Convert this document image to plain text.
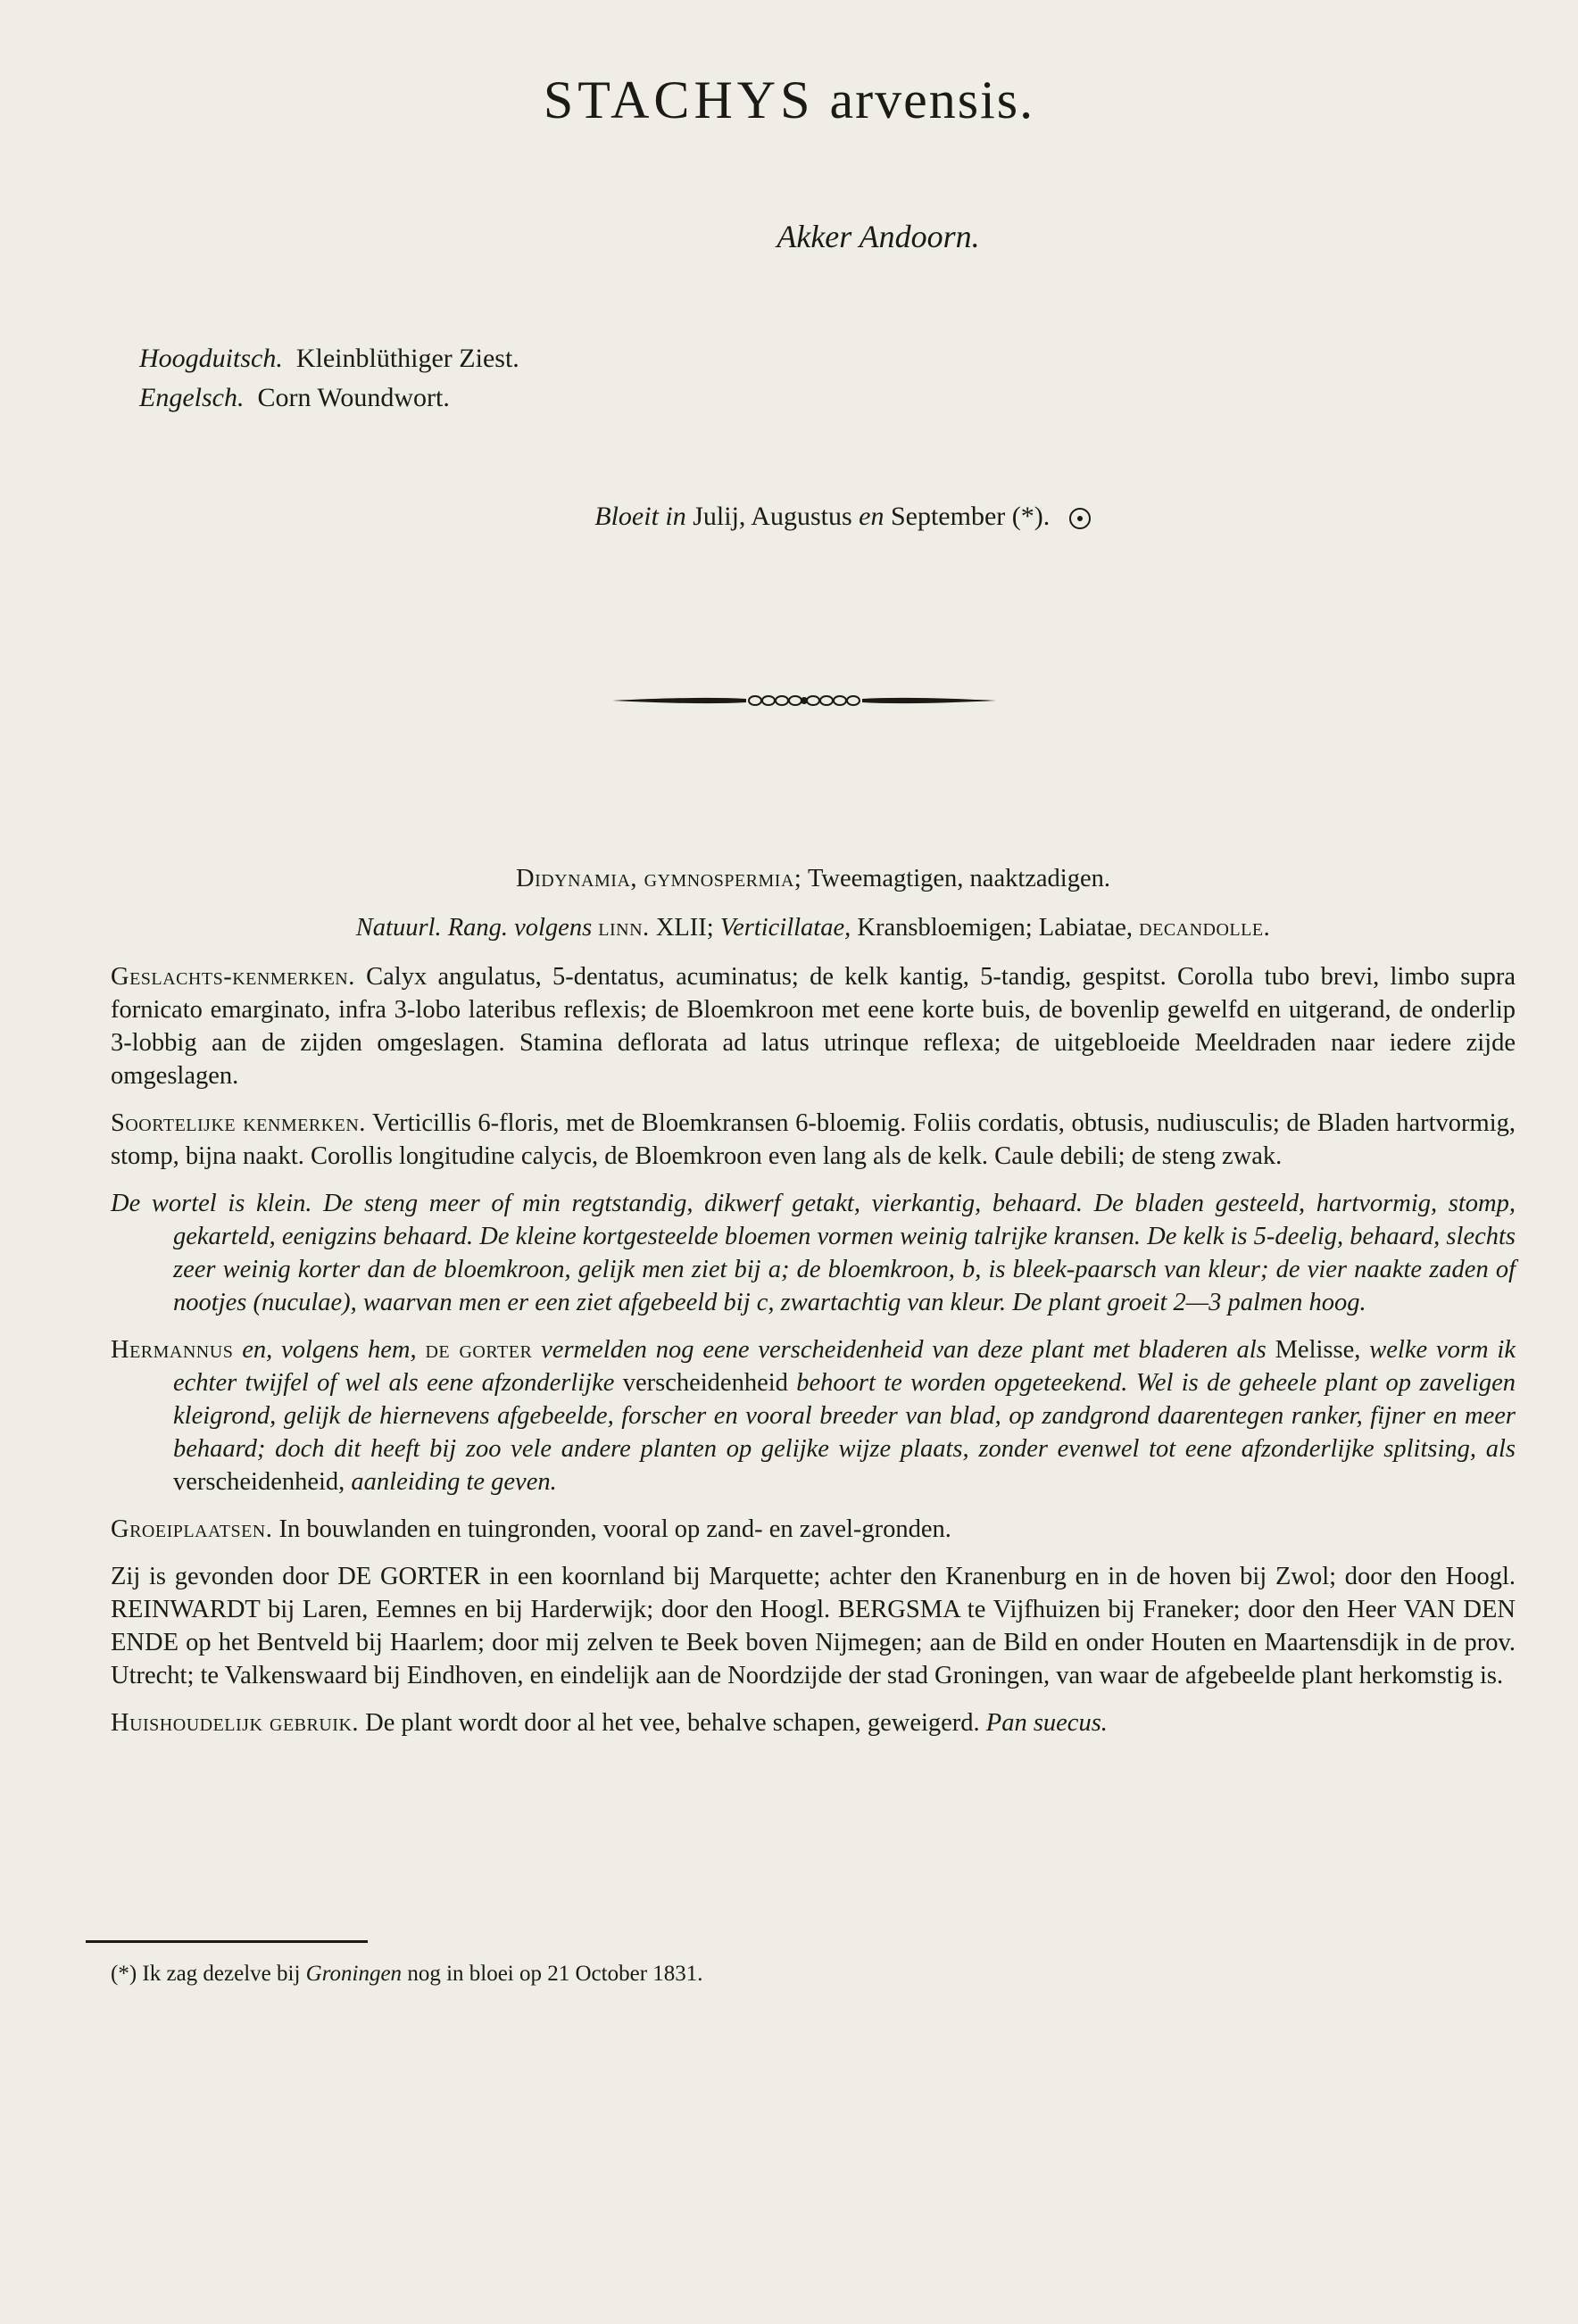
STACHYS arvensis.
Akker Andoorn.
Hoogduitsch. Kleinblüthiger Ziest.
Engelsch. Corn Woundwort.
Bloeit in Julij, Augustus en September (*).
Didynamia, gymnospermia; Tweemagtigen, naaktzadigen.
Natuurl. Rang. volgens linn. XLII; Verticillatae, Kransbloemigen; Labiatae, decandolle.

Geslachts-kenmerken. Calyx angulatus, 5-dentatus, acuminatus; de kelk kantig, 5-tandig, gespitst. Corolla tubo brevi, limbo supra fornicato emarginato, infra 3-lobo lateribus reflexis; de Bloemkroon met eene korte buis, de bovenlip gewelfd en uitgerand, de onderlip 3-lobbig aan de zijden omgeslagen. Stamina deflorata ad latus utrinque reflexa; de uitgebloeide Meeldraden naar iedere zijde omgeslagen.

Soortelijke kenmerken. Verticillis 6-floris, met de Bloemkransen 6-bloemig. Foliis cordatis, obtusis, nudiusculis; de Bladen hartvormig, stomp, bijna naakt. Corollis longitudine calycis, de Bloemkroon even lang als de kelk. Caule debili; de steng zwak.

De wortel is klein. De steng meer of min regtstandig, dikwerf getakt, vierkantig, behaard. De bladen gesteeld, hartvormig, stomp, gekarteld, eenigzins behaard. De kleine kortgesteelde bloemen vormen weinig talrijke kransen. De kelk is 5-deelig, behaard, slechts zeer weinig korter dan de bloemkroon, gelijk men ziet bij a; de bloemkroon, b, is bleek-paarsch van kleur; de vier naakte zaden of nootjes (nuculae), waarvan men er een ziet afgebeeld bij c, zwartachtig van kleur. De plant groeit 2—3 palmen hoog.

Hermannus en, volgens hem, de gorter vermelden nog eene verscheidenheid van deze plant met bladeren als Melisse, welke vorm ik echter twijfel of wel als eene afzonderlijke verscheidenheid behoort te worden opgeteekend. Wel is de geheele plant op zaveligen kleigrond, gelijk de hiernevens afgebeelde, forscher en vooral breeder van blad, op zandgrond daarentegen ranker, fijner en meer behaard; doch dit heeft bij zoo vele andere planten op gelijke wijze plaats, zonder evenwel tot eene afzonderlijke splitsing, als verscheidenheid, aanleiding te geven.

Groeiplaatsen. In bouwlanden en tuingronden, vooral op zand- en zavel-gronden.

Zij is gevonden door DE GORTER in een koornland bij Marquette; achter den Kranenburg en in de hoven bij Zwol; door den Hoogl. REINWARDT bij Laren, Eemnes en bij Harderwijk; door den Hoogl. BERGSMA te Vijfhuizen bij Franeker; door den Heer VAN DEN ENDE op het Bentveld bij Haarlem; door mij zelven te Beek boven Nijmegen; aan de Bild en onder Houten en Maartensdijk in de prov. Utrecht; te Valkenswaard bij Eindhoven, en eindelijk aan de Noordzijde der stad Groningen, van waar de afgebeelde plant herkomstig is.

Huishoudelijk gebruik. De plant wordt door al het vee, behalve schapen, geweigerd. Pan suecus.

(*) Ik zag dezelve bij Groningen nog in bloei op 21 October 1831.
